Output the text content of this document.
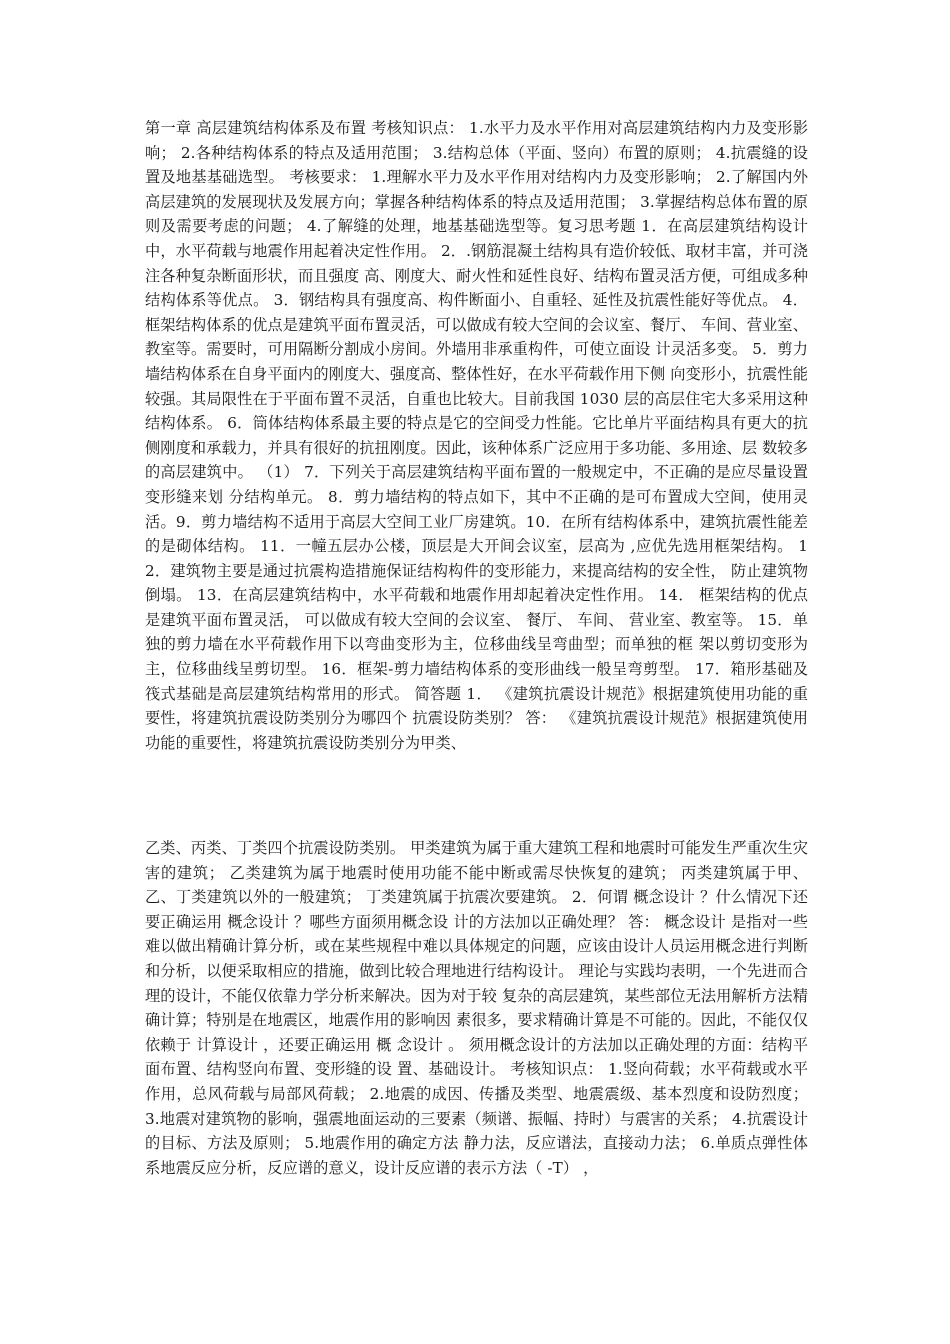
第一章 高层建筑结构体系及布置 考核知识点： 1.水平力及水平作用对高层建筑结构内力及变形影响； 2.各种结构体系的特点及适用范围； 3.结构总体（平面、竖向）布置的原则； 4.抗震缝的设置及地基基础选型。 考核要求： 1.理解水平力及水平作用对结构内力及变形影响； 2.了解国内外高层建筑的发展现状及发展方向；掌握各种结构体系的特点及适用范围； 3.掌握结构总体布置的原则及需要考虑的问题； 4.了解缝的处理，地基基础选型等。复习思考题 1．在高层建筑结构设计中，水平荷载与地震作用起着决定性作用。 2．.钢筋混凝土结构具有造价较低、取材丰富，并可浇注各种复杂断面形状，而且强度 高、刚度大、耐火性和延性良好、结构布置灵活方便，可组成多种结构体系等优点。 3．钢结构具有强度高、构件断面小、自重轻、延性及抗震性能好等优点。 4．框架结构体系的优点是建筑平面布置灵活，可以做成有较大空间的会议室、餐厅、 车间、营业室、教室等。需要时，可用隔断分割成小房间。外墙用非承重构件，可使立面设 计灵活多变。 5．剪力墙结构体系在自身平面内的刚度大、强度高、整体性好，在水平荷载作用下侧 向变形小，抗震性能较强。其局限性在于平面布置不灵活，自重也比较大。目前我国 1030 层的高层住宅大多采用这种结构体系。 6．筒体结构体系最主要的特点是它的空间受力性能。它比单片平面结构具有更大的抗 侧刚度和承载力，并具有很好的抗扭刚度。因此，该种体系广泛应用于多功能、多用途、层 数较多的高层建筑中。 （1） 7．下列关于高层建筑结构平面布置的一般规定中，不正确的是应尽量设置变形缝来划 分结构单元。 8．剪力墙结构的特点如下，其中不正确的是可布置成大空间，使用灵活。9．剪力墙结构不适用于高层大空间工业厂房建筑。10．在所有结构体系中，建筑抗震性能差的是砌体结构。 11．一幢五层办公楼，顶层是大开间会议室，层高为 ,应优先选用框架结构。 12．建筑物主要是通过抗震构造措施保证结构构件的变形能力，来提高结构的安全性， 防止建筑物倒塌。 13．在高层建筑结构中，水平荷载和地震作用却起着决定性作用。 14． 框架结构的优点是建筑平面布置灵活， 可以做成有较大空间的会议室、 餐厅、 车间、 营业室、教室等。 15．单独的剪力墙在水平荷载作用下以弯曲变形为主，位移曲线呈弯曲型；而单独的框 架以剪切变形为主，位移曲线呈剪切型。 16．框架-剪力墙结构体系的变形曲线一般呈弯剪型。 17．箱形基础及筏式基础是高层建筑结构常用的形式。 简答题 1． 《建筑抗震设计规范》根据建筑使用功能的重要性，将建筑抗震设防类别分为哪四个 抗震设防类别？ 答： 《建筑抗震设计规范》根据建筑使用功能的重要性，将建筑抗震设防类别分为甲类、
乙类、丙类、丁类四个抗震设防类别。 甲类建筑为属于重大建筑工程和地震时可能发生严重次生灾害的建筑； 乙类建筑为属于地震时使用功能不能中断或需尽快恢复的建筑； 丙类建筑属于甲、乙、丁类建筑以外的一般建筑； 丁类建筑属于抗震次要建筑。 2．何谓 概念设计 ？什么情况下还要正确运用 概念设计 ？哪些方面须用概念设 计的方法加以正确处理？ 答： 概念设计 是指对一些难以做出精确计算分析，或在某些规程中难以具体规定的问题，应该由设计人员运用概念进行判断和分析，以便采取相应的措施，做到比较合理地进行结构设计。 理论与实践均表明，一个先进而合理的设计，不能仅依靠力学分析来解决。因为对于较 复杂的高层建筑，某些部位无法用解析方法精确计算；特别是在地震区，地震作用的影响因 素很多，要求精确计算是不可能的。因此，不能仅仅依赖于 计算设计 ，还要正确运用 概 念设计 。 须用概念设计的方法加以正确处理的方面：结构平面布置、结构竖向布置、变形缝的设 置、基础设计。 考核知识点： 1.竖向荷载；水平荷载或水平作用，总风荷载与局部风荷载； 2.地震的成因、传播及类型、地震震级、基本烈度和设防烈度； 3.地震对建筑物的影响，强震地面运动的三要素（频谱、振幅、持时）与震害的关系； 4.抗震设计的目标、方法及原则； 5.地震作用的确定方法 静力法，反应谱法，直接动力法； 6.单质点弹性体系地震反应分析，反应谱的意义，设计反应谱的表示方法（ -T） ，
